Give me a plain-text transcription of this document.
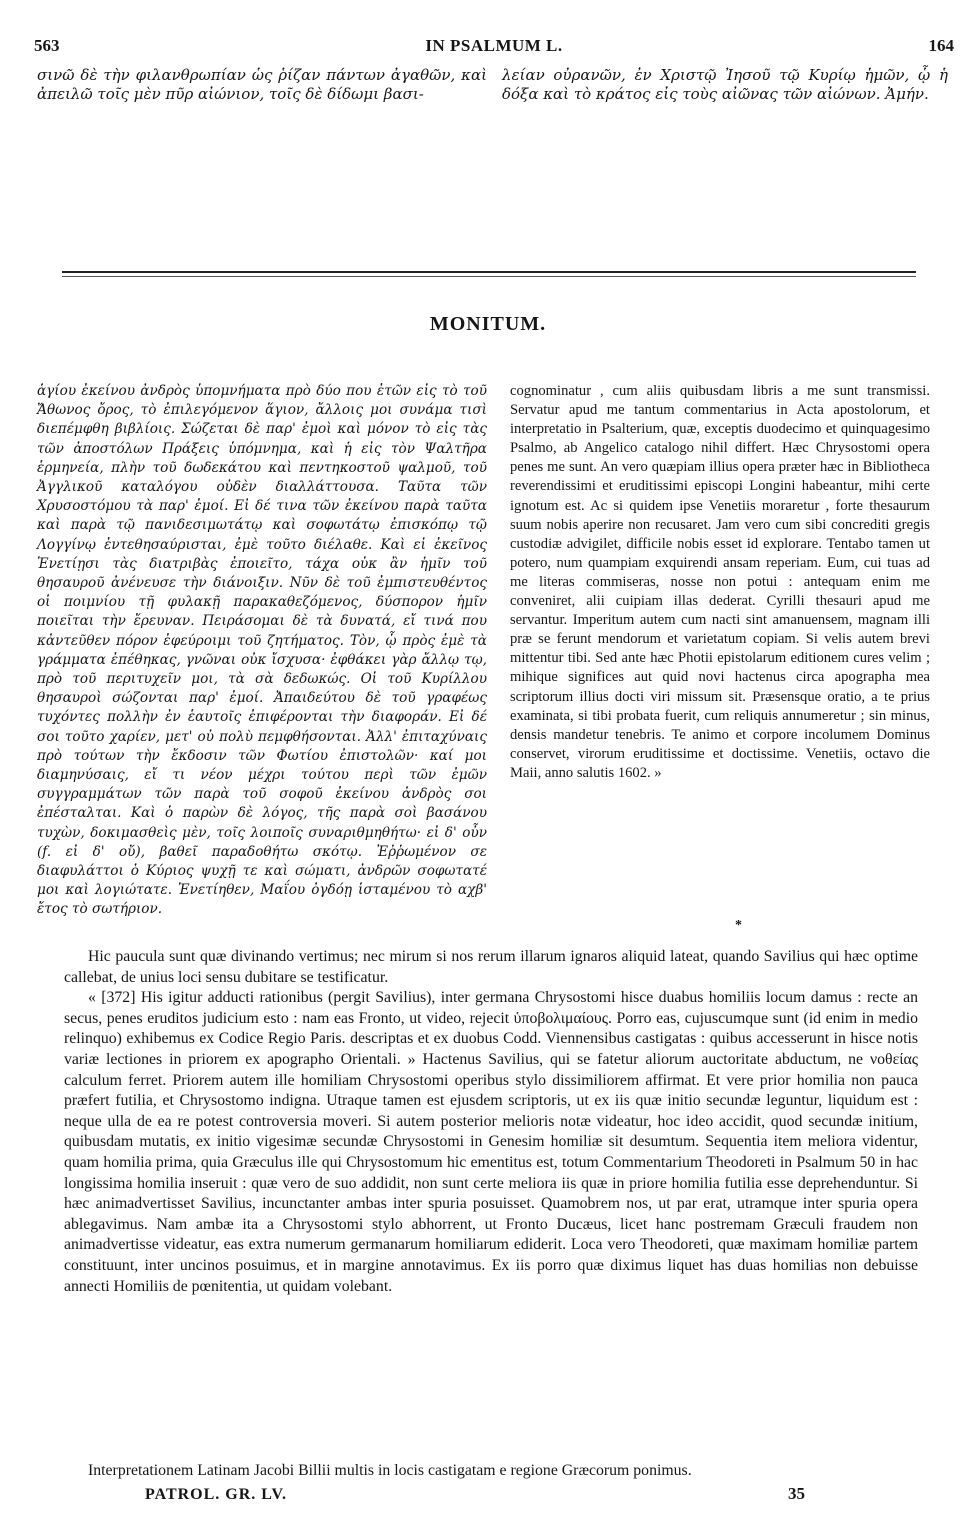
563	IN PSALMUM L.	164

σινῶ δὲ τὴν φιλανθρωπίαν ὡς ῥίζαν πάντων ἀγαθῶν, καὶ ἀπειλῶ τοῖς μὲν πῦρ αἰώνιον, τοῖς δὲ δίδωμι βασι-

λείαν οὐρανῶν, ἐν Χριστῷ Ἰησοῦ τῷ Κυρίῳ ἡμῶν, ᾧ ἡ δόξα καὶ τὸ κράτος εἰς τοὺς αἰῶνας τῶν αἰώνων. Ἀμήν.

MONITUM.

ἁγίου ἐκείνου ἀνδρὸς ὑπομνήματα πρὸ δύο που ἐτῶν εἰς τὸ τοῦ Ἄθωνος ὄρος, τὸ ἐπιλεγόμενον ἅγιον, ἄλλοις μοι συνάμα τισὶ διεπέμφθη βιβλίοις. Σώζεται δὲ παρ' ἐμοὶ καὶ μόνον τὸ εἰς τὰς τῶν ἀποστόλων Πράξεις ὑπόμνημα, καὶ ἡ εἰς τὸν Ψαλτῆρα ἑρμηνεία, πλὴν τοῦ δωδεκάτου καὶ πεντηκοστοῦ ψαλμοῦ, τοῦ Ἀγγλικοῦ καταλόγου οὐδὲν διαλλάττουσα. Ταῦτα τῶν Χρυσοστόμου τὰ παρ' ἐμοί. Εἰ δέ τινα τῶν ἐκείνου παρὰ ταῦτα καὶ παρὰ τῷ πανιδεσιμωτάτῳ καὶ σοφωτάτῳ ἐπισκόπῳ τῷ Λογγίνῳ ἐντεθησαύρισται, ἐμὲ τοῦτο διέλαθε. Καὶ εἰ ἐκεῖνος Ἐνετίῃσι τὰς διατριβὰς ἐποιεῖτο, τάχα οὐκ ἂν ἡμῖν τοῦ θησαυροῦ ἀνένευσε τὴν διάνοιξιν. Νῦν δὲ τοῦ ἐμπιστευθέντος οἱ ποιμνίου τῇ φυλακῇ παρακαθεζόμενος, δύσπορον ἡμῖν ποιεῖται τὴν ἔρευναν. Πειράσομαι δὲ τὰ δυνατά, εἴ τινά που κἀντεῦθεν πόρον ἐφεύροιμι τοῦ ζητήματος. Τὸν, ᾧ πρὸς ἐμὲ τὰ γράμματα ἐπέθηκας, γνῶναι οὐκ ἴσχυσα· ἐφθάκει γὰρ ἄλλῳ τῳ, πρὸ τοῦ περιτυχεῖν μοι, τὰ σὰ δεδωκώς. Οἱ τοῦ Κυρίλλου θησαυροὶ σώζονται παρ' ἐμοί. Ἀπαιδεύτου δὲ τοῦ γραφέως τυχόντες πολλὴν ἐν ἑαυτοῖς ἐπιφέρονται τὴν διαφοράν. Εἰ δέ σοι τοῦτο χαρίεν, μετ' οὐ πολὺ πεμφθήσονται. Ἀλλ' ἐπιταχύναις πρὸ τούτων τὴν ἔκδοσιν τῶν Φωτίου ἐπιστολῶν· καί μοι διαμηνύσαις, εἴ τι νέον μέχρι τούτου περὶ τῶν ἐμῶν συγγραμμάτων τῶν παρὰ τοῦ σοφοῦ ἐκείνου ἀνδρὸς σοι ἐπέσταλται. Καὶ ὁ παρὼν δὲ λόγος, τῆς παρὰ σοὶ βασάνου τυχὼν, δοκιμασθεὶς μὲν, τοῖς λοιποῖς συναριθμηθήτω· εἰ δ' οὖν (f. εἰ δ' οὔ), βαθεῖ παραδοθήτω σκότῳ. Ἐῤῥωμένον σε διαφυλάττοι ὁ Κύριος ψυχῇ τε καὶ σώματι, ἀνδρῶν σοφωτατέ μοι καὶ λογιώτατε. Ἐνετίηθεν, Μαΐου ὀγδόῃ ἱσταμένου τὸ αχβ' ἔτος τὸ σωτήριον.

cognominatur , cum aliis quibusdam libris a me sunt transmissi. Servatur apud me tantum commentarius in Acta apostolorum, et interpretatio in Psalterium, quæ, exceptis duodecimo et quinquagesimo Psalmo, ab Angelico catalogo nihil differt. Hæc Chrysostomi opera penes me sunt. An vero quæpiam illius opera præter hæc in Bibliotheca reverendissimi et eruditissimi episcopi Longini habeantur, mihi certe ignotum est. Ac si quidem ipse Venetiis moraretur , forte thesaurum suum nobis aperire non recusaret. Jam vero cum sibi concrediti gregis custodiæ advigilet, difficile nobis esset id explorare. Tentabo tamen ut potero, num quampiam exquirendi ansam reperiam. Eum, cui tuas ad me literas commiseras, nosse non potui : antequam enim me conveniret, alii cuipiam illas dederat. Cyrilli thesauri apud me servantur. Imperitum autem cum nacti sint amanuensem, magnam illi præ se ferunt mendorum et varietatum copiam. Si velis autem brevi mittentur tibi. Sed ante hæc Photii epistolarum editionem cures velim ; mihique significes aut quid novi hactenus circa apographa mea scriptorum illius docti viri missum sit. Præsensque oratio, a te prius examinata, si tibi probata fuerit, cum reliquis annumeretur ; sin minus, densis mandetur tenebris. Te animo et corpore incolumem Dominus conservet, virorum eruditissime et doctissime. Venetiis, octavo die Maii, anno salutis 1602. »

*

Hic paucula sunt quæ divinando vertimus; nec mirum si nos rerum illarum ignaros aliquid lateat, quando Savilius qui hæc optime callebat, de unius loci sensu dubitare se testificatur.

« [372] His igitur adducti rationibus (pergit Savilius), inter germana Chrysostomi hisce duabus homiliis locum damus : recte an secus, penes eruditos judicium esto : nam eas Fronto, ut video, rejecit ὑποβολιμαίους. Porro eas, cujuscumque sunt (id enim in medio relinquo) exhibemus ex Codice Regio Paris. descriptas et ex duobus Codd. Viennensibus castigatas : quibus accesserunt in hisce notis variæ lectiones in priorem ex apographo Orientali. » Hactenus Savilius, qui se fatetur aliorum auctoritate abductum, ne νοθείας calculum ferret. Priorem autem ille homiliam Chrysostomi operibus stylo dissimiliorem affirmat. Et vere prior homilia non pauca præfert futilia, et Chrysostomo indigna. Utraque tamen est ejusdem scriptoris, ut ex iis quæ initio secundæ leguntur, liquidum est : neque ulla de ea re potest controversia moveri. Si autem posterior melioris notæ videatur, hoc ideo accidit, quod secundæ initium, quibusdam mutatis, ex initio vigesimæ secundæ Chrysostomi in Genesim homiliæ sit desumtum. Sequentia item meliora videntur, quam homilia prima, quia Græculus ille qui Chrysostomum hic ementitus est, totum Commentarium Theodoreti in Psalmum 50 in hac longissima homilia inseruit : quæ vero de suo addidit, non sunt certe meliora iis quæ in priore homilia futilia esse deprehenduntur. Si hæc animadvertisset Savilius, incunctanter ambas inter spuria posuisset. Quamobrem nos, ut par erat, utramque inter spuria opera ablegavimus. Nam ambæ ita a Chrysostomi stylo abhorrent, ut Fronto Ducæus, licet hanc postremam Græculi fraudem non animadvertisse videatur, eas extra numerum germanarum homiliarum ediderit. Loca vero Theodoreti, quæ maximam homiliæ partem constituunt, inter uncinos posuimus, et in margine annotavimus. Ex iis porro quæ diximus liquet has duas homilias non debuisse annecti Homiliis de pœnitentia, ut quidam volebant.

Interpretationem Latinam Jacobi Billii multis in locis castigatam e regione Græcorum ponimus.
PATROL. GR. LV.	35
